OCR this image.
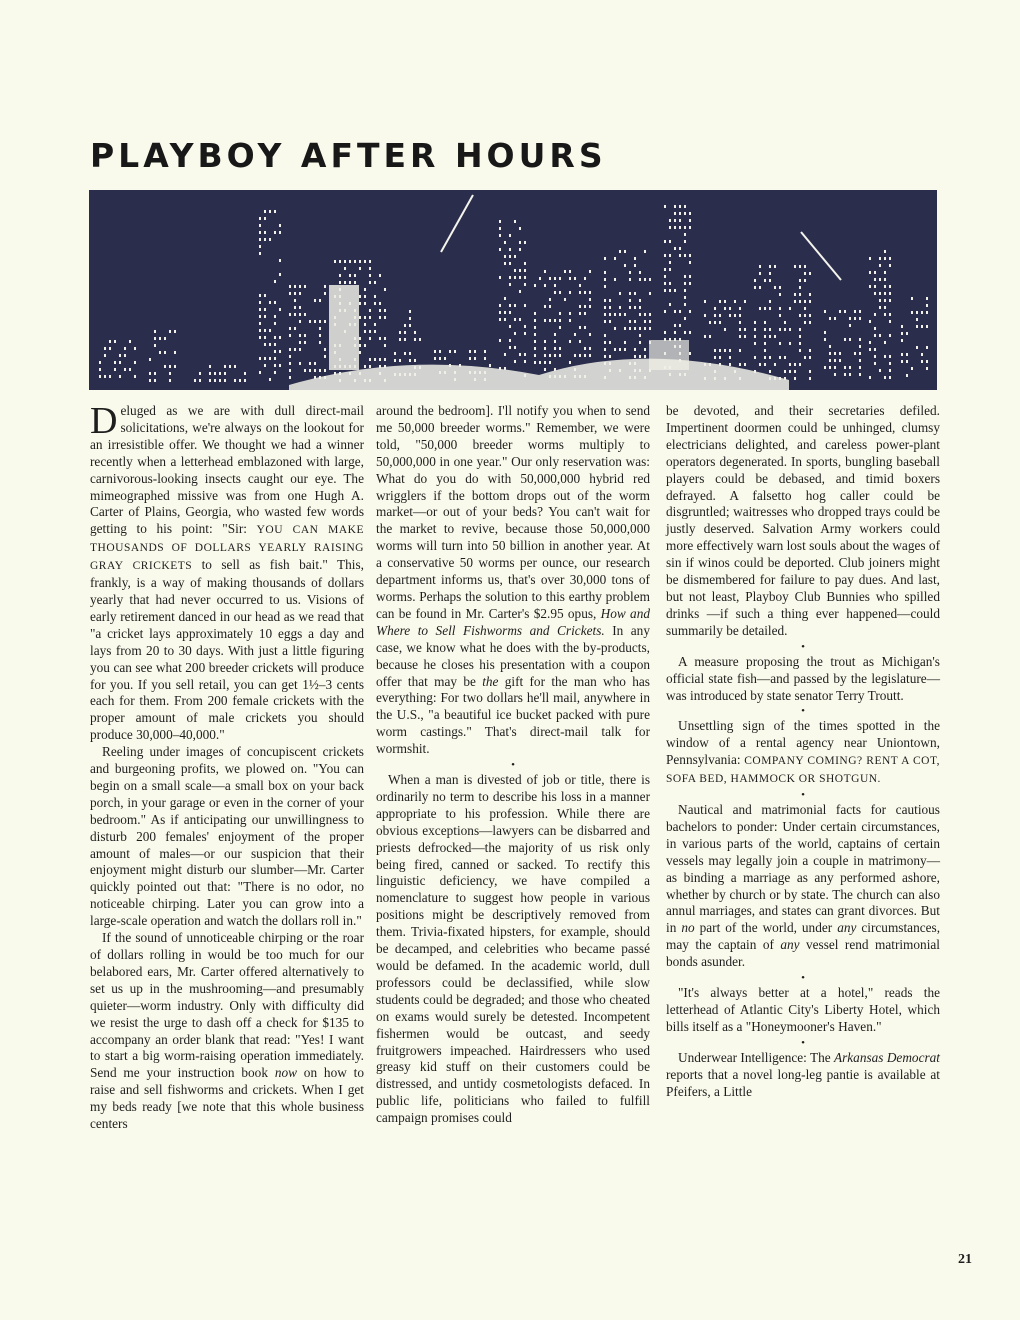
PLAYBOY AFTER HOURS

Deluged as we are with dull direct-mail solicitations, we're always on the lookout for an irresistible offer. We thought we had a winner recently when a letterhead emblazoned with large, carnivorous-looking insects caught our eye. The mimeographed missive was from one Hugh A. Carter of Plains, Georgia, who wasted few words getting to his point: "Sir: YOU CAN MAKE THOUSANDS OF DOLLARS YEARLY RAISING GRAY CRICKETS to sell as fish bait." This, frankly, is a way of making thousands of dollars yearly that had never occurred to us. Visions of early retirement danced in our head as we read that "a cricket lays approximately 10 eggs a day and lays from 20 to 30 days. With just a little figuring you can see what 200 breeder crickets will produce for you. If you sell retail, you can get 1½–3 cents each for them. From 200 female crickets with the proper amount of male crickets you should produce 30,000–40,000."

Reeling under images of concupiscent crickets and burgeoning profits, we plowed on. "You can begin on a small scale—a small box on your back porch, in your garage or even in the corner of your bedroom." As if anticipating our unwillingness to disturb 200 females' enjoyment of the proper amount of males—or our suspicion that their enjoyment might disturb our slumber—Mr. Carter quickly pointed out that: "There is no odor, no noticeable chirping. Later you can grow into a large-scale operation and watch the dollars roll in."

If the sound of unnoticeable chirping or the roar of dollars rolling in would be too much for our belabored ears, Mr. Carter offered alternatively to set us up in the mushrooming—and presumably quieter—worm industry. Only with difficulty did we resist the urge to dash off a check for $135 to accompany an order blank that read: "Yes! I want to start a big worm-raising operation immediately. Send me your instruction book now on how to raise and sell fishworms and crickets. When I get my beds ready [we note that this whole business centers

around the bedroom]. I'll notify you when to send me 50,000 breeder worms." Remember, we were told, "50,000 breeder worms multiply to 50,000,000 in one year." Our only reservation was: What do you do with 50,000,000 hybrid red wrigglers if the bottom drops out of the worm market—or out of your beds? You can't wait for the market to revive, because those 50,000,000 worms will turn into 50 billion in another year. At a conservative 50 worms per ounce, our research department informs us, that's over 30,000 tons of worms. Perhaps the solution to this earthy problem can be found in Mr. Carter's $2.95 opus, How and Where to Sell Fishworms and Crickets. In any case, we know what he does with the by-products, because he closes his presentation with a coupon offer that may be the gift for the man who has everything: For two dollars he'll mail, anywhere in the U.S., "a beautiful ice bucket packed with pure worm castings." That's direct-mail talk for wormshit.

•

When a man is divested of job or title, there is ordinarily no term to describe his loss in a manner appropriate to his profession. While there are obvious exceptions—lawyers can be disbarred and priests defrocked—the majority of us risk only being fired, canned or sacked. To rectify this linguistic deficiency, we have compiled a nomenclature to suggest how people in various positions might be descriptively removed from them. Trivia-fixated hipsters, for example, should be decamped, and celebrities who became passé would be defamed. In the academic world, dull professors could be declassified, while slow students could be degraded; and those who cheated on exams would surely be detested. Incompetent fishermen would be outcast, and seedy fruitgrowers impeached. Hairdressers who used greasy kid stuff on their customers could be distressed, and untidy cosmetologists defaced. In public life, politicians who failed to fulfill campaign promises could

be devoted, and their secretaries defiled. Impertinent doormen could be unhinged, clumsy electricians delighted, and careless power-plant operators degenerated. In sports, bungling baseball players could be debased, and timid boxers defrayed. A falsetto hog caller could be disgruntled; waitresses who dropped trays could be justly deserved. Salvation Army workers could more effectively warn lost souls about the wages of sin if winos could be deported. Club joiners might be dismembered for failure to pay dues. And last, but not least, Playboy Club Bunnies who spilled drinks —if such a thing ever happened—could summarily be detailed.

•

A measure proposing the trout as Michigan's official state fish—and passed by the legislature—was introduced by state senator Terry Troutt.

•

Unsettling sign of the times spotted in the window of a rental agency near Uniontown, Pennsylvania: COMPANY COMING? RENT A COT, SOFA BED, HAMMOCK OR SHOTGUN.

•

Nautical and matrimonial facts for cautious bachelors to ponder: Under certain circumstances, in various parts of the world, captains of certain vessels may legally join a couple in matrimony—as binding a marriage as any performed ashore, whether by church or by state. The church can also annul marriages, and states can grant divorces. But in no part of the world, under any circumstances, may the captain of any vessel rend matrimonial bonds asunder.

•

"It's always better at a hotel," reads the letterhead of Atlantic City's Liberty Hotel, which bills itself as a "Honeymooner's Haven."

•

Underwear Intelligence: The Arkansas Democrat reports that a novel long-leg pantie is available at Pfeifers, a Little

21
